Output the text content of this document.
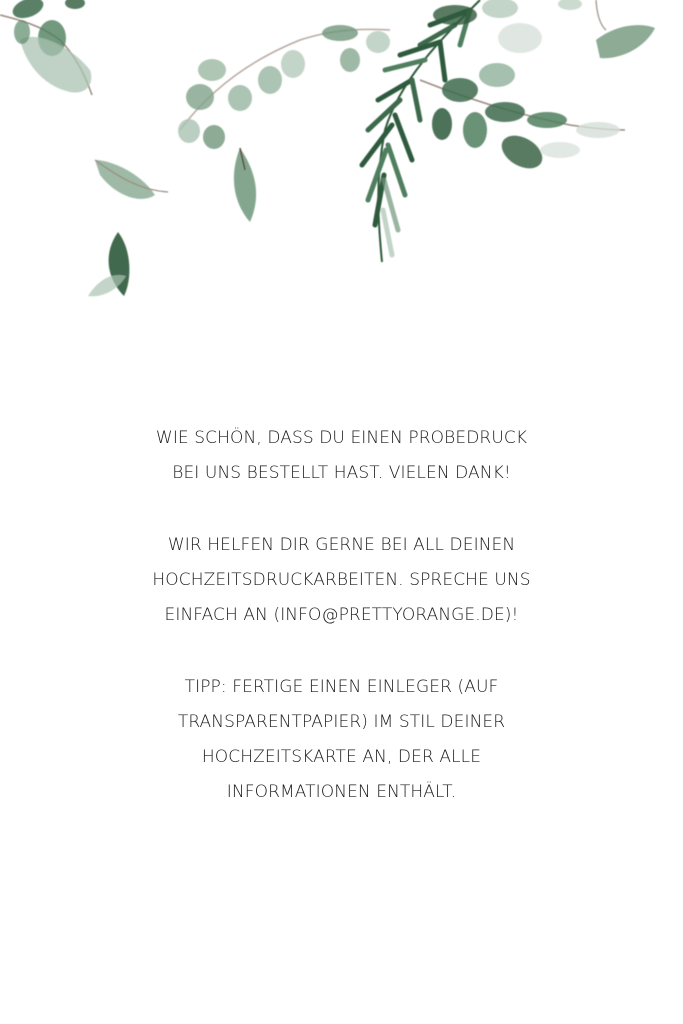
WIE SCHÖN, DASS DU EINEN PROBEDRUCK
BEI UNS BESTELLT HAST. VIELEN DANK!

WIR HELFEN DIR GERNE BEI ALL DEINEN
HOCHZEITSDRUCKARBEITEN. SPRECHE UNS
EINFACH AN (INFO@PRETTYORANGE.DE)!

TIPP: FERTIGE EINEN EINLEGER (AUF
TRANSPARENTPAPIER) IM STIL DEINER
HOCHZEITSKARTE AN, DER ALLE
INFORMATIONEN ENTHÄLT.
